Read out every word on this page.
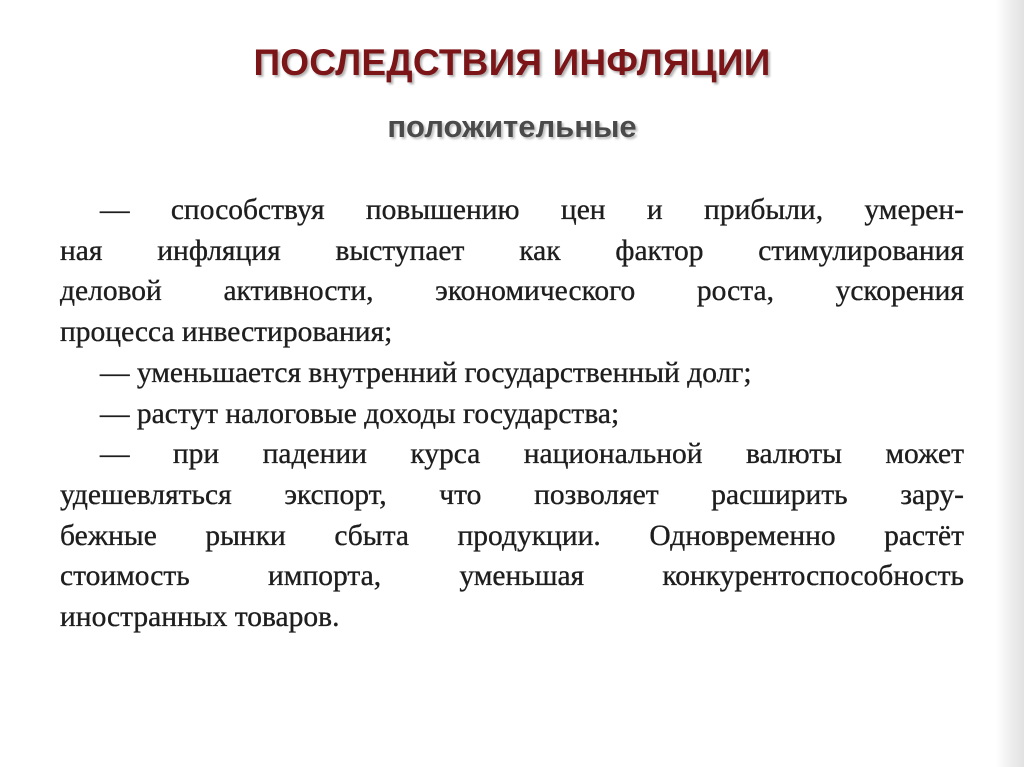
ПОСЛЕДСТВИЯ ИНФЛЯЦИИ
положительные
— способствуя повышению цен и прибыли, умерен-
ная инфляция выступает как фактор стимулирования
деловой активности, экономического роста, ускорения
процесса инвестирования;
— уменьшается внутренний государственный долг;
— растут налоговые доходы государства;
— при падении курса национальной валюты может
удешевляться экспорт, что позволяет расширить зару-
бежные рынки сбыта продукции. Одновременно растёт
стоимость импорта, уменьшая конкурентоспособность
иностранных товаров.
